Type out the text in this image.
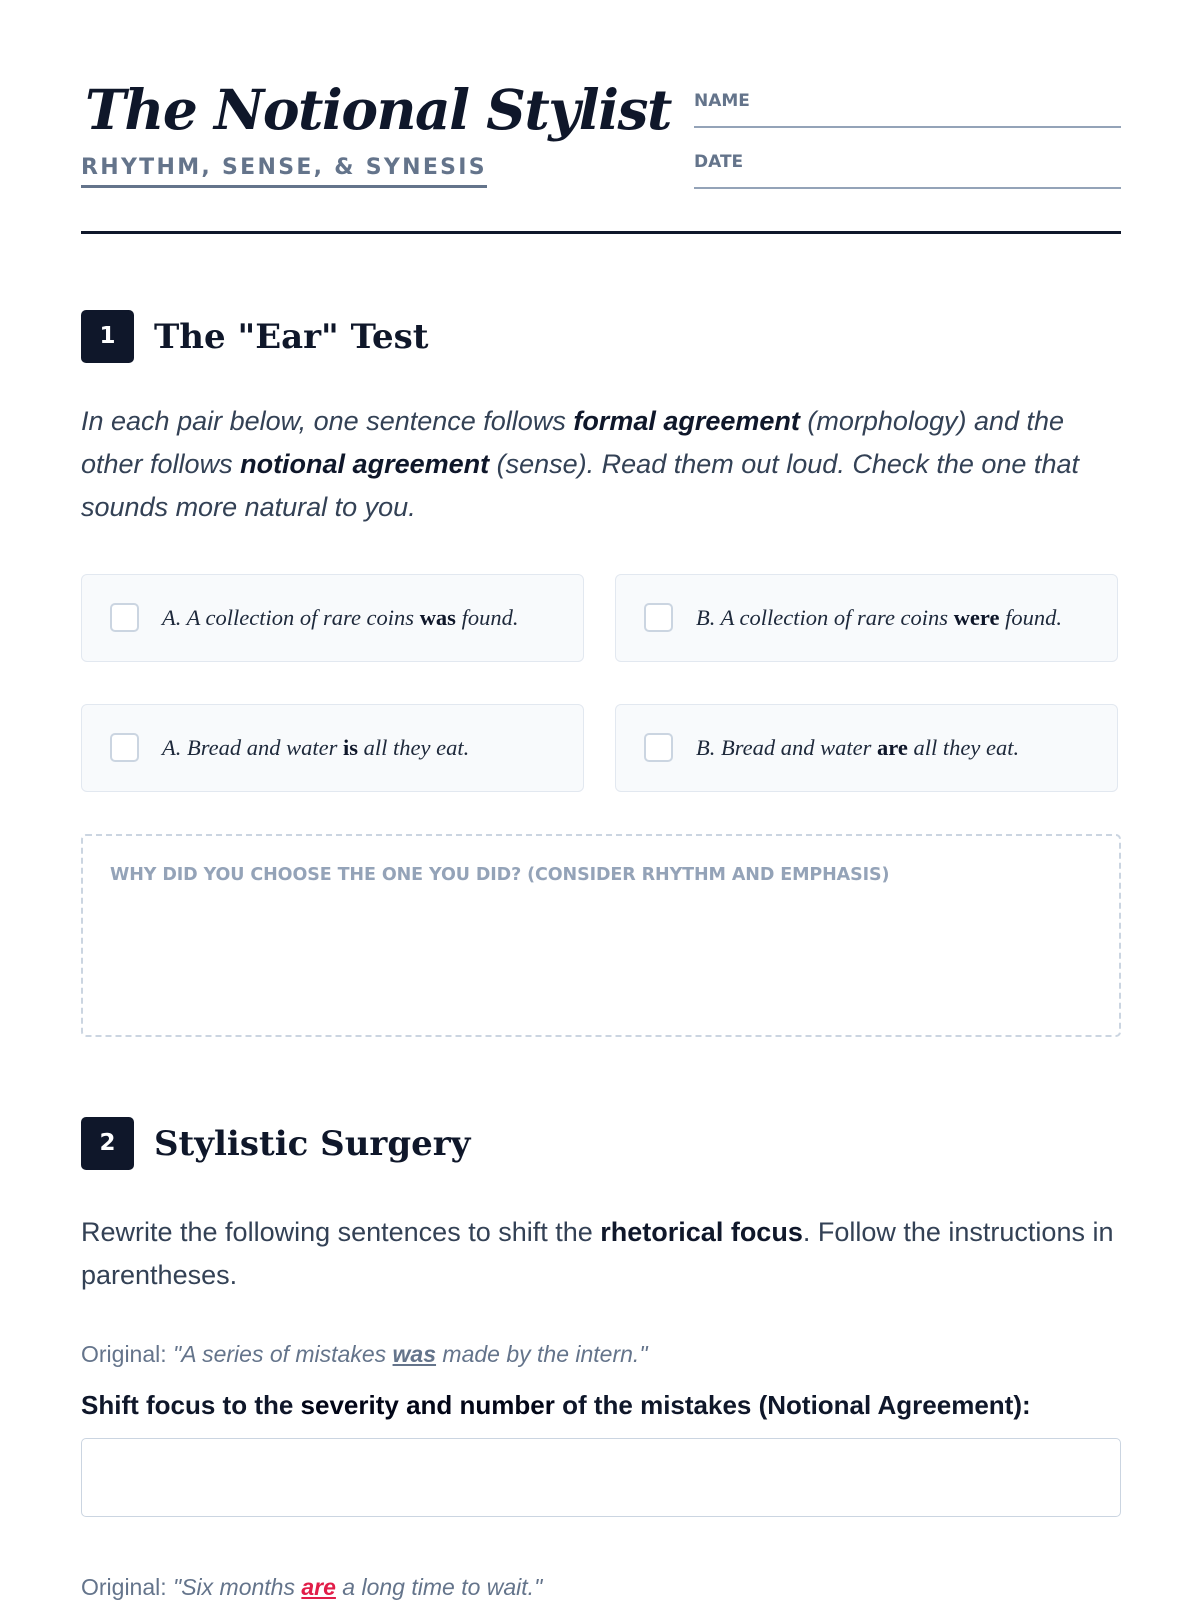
The Notional Stylist
RHYTHM, SENSE, & SYNESIS
NAME
DATE
1	The "Ear" Test

In each pair below, one sentence follows formal agreement (morphology) and the other follows notional agreement (sense). Read them out loud. Check the one that sounds more natural to you.

A. A collection of rare coins was found.	B. A collection of rare coins were found.
A. Bread and water is all they eat.	B. Bread and water are all they eat.
WHY DID YOU CHOOSE THE ONE YOU DID? (CONSIDER RHYTHM AND EMPHASIS)
2	Stylistic Surgery

Rewrite the following sentences to shift the rhetorical focus. Follow the instructions in parentheses.

Original: "A series of mistakes was made by the intern."

Shift focus to the severity and number of the mistakes (Notional Agreement):

Original: "Six months are a long time to wait."
